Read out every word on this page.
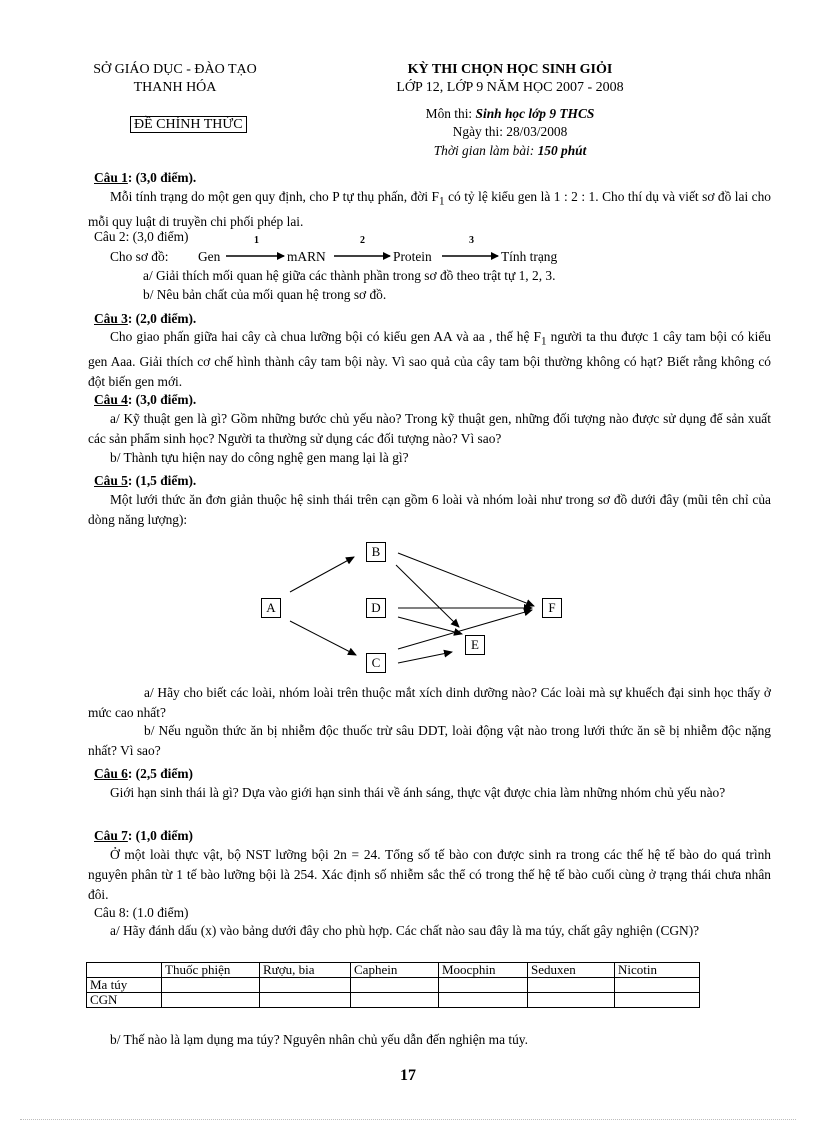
SỞ GIÁO DỤC - ĐÀO TẠO
THANH HÓA
ĐỀ CHÍNH THỨC
KỲ THI CHỌN HỌC SINH GIỎI
LỚP 12, LỚP 9 NĂM HỌC 2007 - 2008
Môn thi: Sinh học lớp 9 THCS
Ngày thi: 28/03/2008
Thời gian làm bài: 150 phút
Câu 1: (3,0 điểm).
Mỗi tính trạng do một gen quy định, cho P tự thụ phấn, đời $F_1$ có tỷ lệ kiểu gen là 1 : 2 : 1. Cho thí dụ và viết sơ đồ lai cho mỗi quy luật di truyền chi phối phép lai.
Câu 2: (3,0 điểm)
Cho sơ đồ: Gen	mARN	Protein	Tính trạng
1	2	3
a/ Giải thích mối quan hệ giữa các thành phần trong sơ đồ theo trật tự 1, 2, 3.
b/ Nêu bản chất của mối quan hệ trong sơ đồ.
Câu 3: (2,0 điểm).
Cho giao phấn giữa hai cây cà chua lưỡng bội có kiểu gen AA và aa , thế hệ $F_1$ người ta thu được 1 cây tam bội có kiểu gen Aaa. Giải thích cơ chế hình thành cây tam bội này. Vì sao quả của cây tam bội thường không có hạt? Biết rằng không có đột biến gen mới.
Câu 4: (3,0 điểm).
a/ Kỹ thuật gen là gì? Gồm những bước chủ yếu nào? Trong kỹ thuật gen, những đối tượng nào được sử dụng để sản xuất các sản phẩm sinh học? Người ta thường sử dụng các đối tượng nào? Vì sao?
b/ Thành tựu hiện nay do công nghệ gen mang lại là gì?
Câu 5: (1,5 điểm).
Một lưới thức ăn đơn giản thuộc hệ sinh thái trên cạn gồm 6 loài và nhóm loài như trong sơ đồ dưới đây (mũi tên chỉ của dòng năng lượng):
A
B
C
D
E
F
a/ Hãy cho biết các loài, nhóm loài trên thuộc mắt xích dinh dưỡng nào? Các loài mà sự khuếch đại sinh học thấy ở mức cao nhất?
b/ Nếu nguồn thức ăn bị nhiễm độc thuốc trừ sâu DDT, loài động vật nào trong lưới thức ăn sẽ bị nhiễm độc nặng nhất? Vì sao?
Câu 6: (2,5 điểm)
Giới hạn sinh thái là gì? Dựa vào giới hạn sinh thái về ánh sáng, thực vật được chia làm những nhóm chủ yếu nào?
Câu 7: (1,0 điểm)
Ở một loài thực vật, bộ NST lưỡng bội 2n = 24. Tổng số tế bào con được sinh ra trong các thế hệ tế bào do quá trình nguyên phân từ 1 tế bào lưỡng bội là 254. Xác định số nhiễm sắc thể có trong thế hệ tế bào cuối cùng ở trạng thái chưa nhân đôi.
Câu 8: (1.0 điểm)
a/ Hãy đánh dấu (x) vào bảng dưới đây cho phù hợp. Các chất nào sau đây là ma túy, chất gây nghiện (CGN)?
	Thuốc phiện	Rượu, bia	Caphein	Moocphin	Seduxen	Nicotin
Ma túy						
CGN						
b/ Thế nào là lạm dụng ma túy? Nguyên nhân chủ yếu dẫn đến nghiện ma túy.
17
